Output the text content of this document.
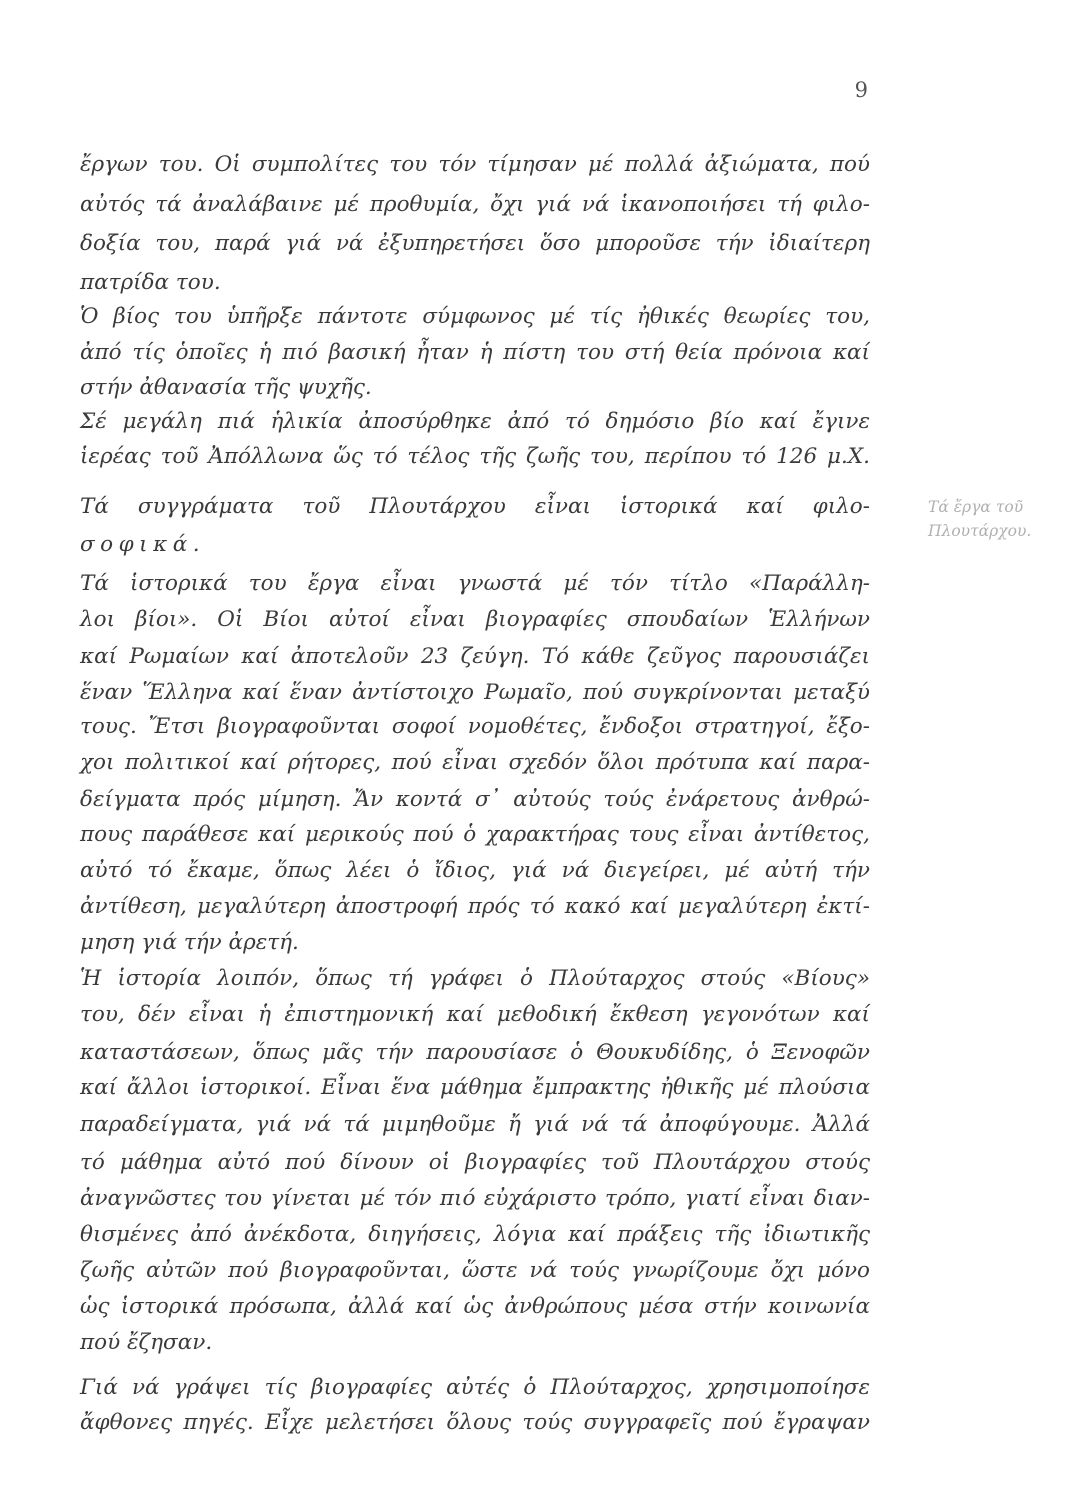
9
ἔργων του. Οἱ συμπολίτες του τόν τίμησαν μέ πολλά ἀξιώματα, πού
αὐτός τά ἀναλάβαινε μέ προθυμία, ὄχι γιά νά ἱκανοποιήσει τή φιλο-
δοξία του, παρά γιά νά ἐξυπηρετήσει ὅσο μποροῦσε τήν ἰδιαίτερη
πατρίδα του.
Ὁ βίος του ὑπῆρξε πάντοτε σύμφωνος μέ τίς ἠθικές θεωρίες του,
ἀπό τίς ὁποῖες ἡ πιό βασική ἦταν ἡ πίστη του στή θεία πρόνοια καί
στήν ἀθανασία τῆς ψυχῆς.
Σέ μεγάλη πιά ἡλικία ἀποσύρθηκε ἀπό τό δημόσιο βίο καί ἔγινε
ἱερέας τοῦ Ἀπόλλωνα ὥς τό τέλος τῆς ζωῆς του, περίπου τό 126 μ.Χ.
Τά συγγράματα τοῦ Πλουτάρχου εἶναι ἱστορικά καί φιλο-
σοφικά.
Τά ἱστορικά του ἔργα εἶναι γνωστά μέ τόν τίτλο «Παράλλη-
λοι βίοι». Οἱ Βίοι αὐτοί εἶναι βιογραφίες σπουδαίων Ἑλλήνων
καί Ρωμαίων καί ἀποτελοῦν 23 ζεύγη. Τό κάθε ζεῦγος παρουσιάζει
ἕναν Ἕλληνα καί ἕναν ἀντίστοιχο Ρωμαῖο, πού συγκρίνονται μεταξύ
τους. Ἔτσι βιογραφοῦνται σοφοί νομοθέτες, ἔνδοξοι στρατηγοί, ἔξο-
χοι πολιτικοί καί ρήτορες, πού εἶναι σχεδόν ὅλοι πρότυπα καί παρα-
δείγματα πρός μίμηση. Ἄν κοντά σ᾽ αὐτούς τούς ἐνάρετους ἀνθρώ-
πους παράθεσε καί μερικούς πού ὁ χαρακτήρας τους εἶναι ἀντίθετος,
αὐτό τό ἔκαμε, ὅπως λέει ὁ ἴδιος, γιά νά διεγείρει, μέ αὐτή τήν
ἀντίθεση, μεγαλύτερη ἀποστροφή πρός τό κακό καί μεγαλύτερη ἐκτί-
μηση γιά τήν ἀρετή.
Ἡ ἱστορία λοιπόν, ὅπως τή γράφει ὁ Πλούταρχος στούς «Βίους»
του, δέν εἶναι ἡ ἐπιστημονική καί μεθοδική ἔκθεση γεγονότων καί
καταστάσεων, ὅπως μᾶς τήν παρουσίασε ὁ Θουκυδίδης, ὁ Ξενοφῶν
καί ἄλλοι ἱστορικοί. Εἶναι ἕνα μάθημα ἔμπρακτης ἠθικῆς μέ πλούσια
παραδείγματα, γιά νά τά μιμηθοῦμε ἤ γιά νά τά ἀποφύγουμε. Ἀλλά
τό μάθημα αὐτό πού δίνουν οἱ βιογραφίες τοῦ Πλουτάρχου στούς
ἀναγνῶστες του γίνεται μέ τόν πιό εὐχάριστο τρόπο, γιατί εἶναι διαν-
θισμένες ἀπό ἀνέκδοτα, διηγήσεις, λόγια καί πράξεις τῆς ἰδιωτικῆς
ζωῆς αὐτῶν πού βιογραφοῦνται, ὥστε νά τούς γνωρίζουμε ὄχι μόνο
ὡς ἱστορικά πρόσωπα, ἀλλά καί ὡς ἀνθρώπους μέσα στήν κοινωνία
πού ἔζησαν.
Γιά νά γράψει τίς βιογραφίες αὐτές ὁ Πλούταρχος, χρησιμοποίησε
ἄφθονες πηγές. Εἶχε μελετήσει ὅλους τούς συγγραφεῖς πού ἔγραψαν
Τά ἔργα τοῦ
Πλουτάρχου.
